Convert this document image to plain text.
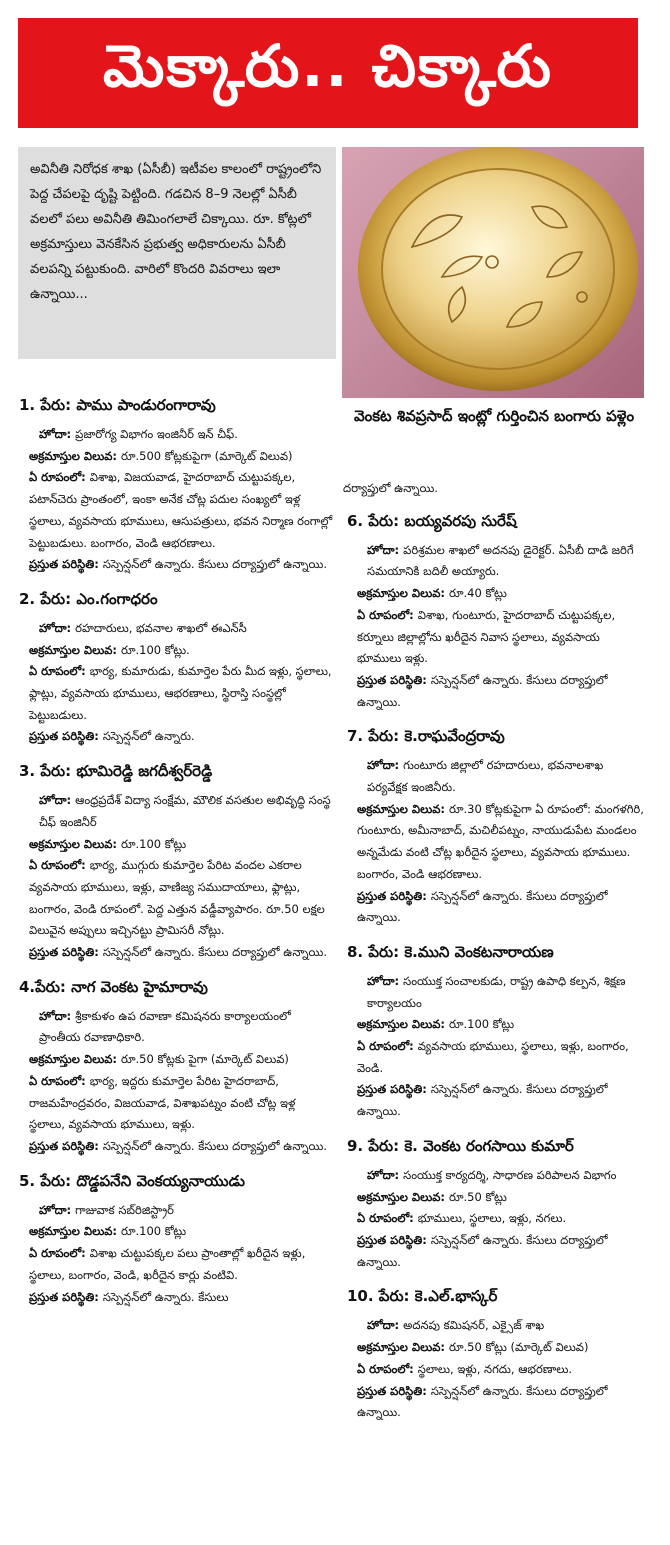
మెక్కారు.. చిక్కారు
అవినీతి నిరోధక శాఖ (ఏసీబీ) ఇటీవల కాలంలో రాష్ట్రంలోని పెద్ద చేపలపై దృష్టి పెట్టింది. గడచిన 8–9 నెలల్లో ఏసీబీ వలలో పలు అవినీతి తిమింగలాలే చిక్కాయి. రూ. కోట్లలో అక్రమాస్తులు వెనకేసిన ప్రభుత్వ అధికారులను ఏసీబీ వలపన్ని పట్టుకుంది. వారిలో కొందరి వివరాలు ఇలా ఉన్నాయి...
వెంకట శివప్రసాద్ ఇంట్లో గుర్తించిన బంగారు పళ్లెం
1. పేరు: పాము పాండురంగారావు

హోదా: ప్రజారోగ్య విభాగం ఇంజినీర్ ఇన్ చీఫ్.

అక్రమాస్తుల విలువ: రూ.500 కోట్లకుపైగా (మార్కెట్ విలువ)

ఏ రూపంలో: విశాఖ, విజయవాడ, హైదరాబాద్ చుట్టుపక్కల, పటాన్‌చెరు ప్రాంతంలో, ఇంకా అనేక చోట్ల పదుల సంఖ్యలో ఇళ్ల స్థలాలు, వ్యవసాయ భూములు, ఆసుపత్రులు, భవన నిర్మాణ రంగాల్లో పెట్టుబడులు. బంగారం, వెండి ఆభరణాలు.

ప్రస్తుత పరిస్థితి: సస్పెన్షన్‌లో ఉన్నారు. కేసులు దర్యాప్తులో ఉన్నాయి.

2. పేరు: ఎం.గంగాధరం

హోదా: రహదారులు, భవనాల శాఖలో ఈఎన్‌సీ

అక్రమాస్తుల విలువ: రూ.100 కోట్లు.

ఏ రూపంలో: భార్య, కుమారుడు, కుమార్తెల పేరు మీద ఇళ్లు, స్థలాలు, ఫ్లాట్లు, వ్యవసాయ భూములు, ఆభరణాలు, స్థిరాస్తి సంస్థల్లో పెట్టుబడులు.

ప్రస్తుత పరిస్థితి: సస్పెన్షన్‌లో ఉన్నారు.

3. పేరు: భూమిరెడ్డి జగదీశ్వర్‌రెడ్డి

హోదా: ఆంధ్రప్రదేశ్ విద్యా సంక్షేమ, మౌలిక వసతుల అభివృద్ధి సంస్థ చీఫ్ ఇంజినీర్

అక్రమాస్తుల విలువ: రూ.100 కోట్లు

ఏ రూపంలో: భార్య, ముగ్గురు కుమార్తెల పేరిట వందల ఎకరాల వ్యవసాయ భూములు, ఇళ్లు, వాణిజ్య సముదాయాలు, ఫ్లాట్లు, బంగారం, వెండి రూపంలో. పెద్ద ఎత్తున వడ్డీవ్యాపారం. రూ.50 లక్షల విలువైన అప్పులు ఇచ్చినట్టు ప్రామిసరీ నోట్లు.

ప్రస్తుత పరిస్థితి: సస్పెన్షన్‌లో ఉన్నారు. కేసులు దర్యాప్తులో ఉన్నాయి.

4.పేరు: నాగ వెంకట హైమారావు

హోదా: శ్రీకాకుళం ఉప రవాణా కమిషనరు కార్యాలయంలో ప్రాంతీయ రవాణాధికారి.

అక్రమాస్తుల విలువ: రూ.50 కోట్లకు పైగా (మార్కెట్ విలువ)

ఏ రూపంలో: భార్య, ఇద్దరు కుమార్తెల పేరిట హైదరాబాద్, రాజమహేంద్రవరం, విజయవాడ, విశాఖపట్నం వంటి చోట్ల ఇళ్ల స్థలాలు, వ్యవసాయ భూములు, ఇళ్లు.

ప్రస్తుత పరిస్థితి: సస్పెన్షన్‌లో ఉన్నారు. కేసులు దర్యాప్తులో ఉన్నాయి.

5. పేరు: దొడ్డపనేని వెంకయ్యనాయుడు

హోదా: గాజువాక సబ్‌రిజిస్ట్రార్

అక్రమాస్తుల విలువ: రూ.100 కోట్లు

ఏ రూపంలో: విశాఖ చుట్టుపక్కల పలు ప్రాంతాల్లో ఖరీదైన ఇళ్లు, స్థలాలు, బంగారం, వెండి, ఖరీదైన కార్లు వంటివి.

ప్రస్తుత పరిస్థితి: సస్పెన్షన్‌లో ఉన్నారు. కేసులు

దర్యాప్తులో ఉన్నాయి.

6. పేరు: బయ్యవరపు సురేష్

హోదా: పరిశ్రమల శాఖలో అదనపు డైరెక్టర్. ఏసీబీ దాడి జరిగే సమయానికి బదిలీ అయ్యారు.

అక్రమాస్తుల విలువ: రూ.40 కోట్లు

ఏ రూపంలో: విశాఖ, గుంటూరు, హైదరాబాద్ చుట్టుపక్కల, కర్నూలు జిల్లాల్లోను ఖరీదైన నివాస స్థలాలు, వ్యవసాయ భూములు ఇళ్లు.

ప్రస్తుత పరిస్థితి: సస్పెన్షన్‌లో ఉన్నారు. కేసులు దర్యాప్తులో ఉన్నాయి.

7. పేరు: కె.రాఘవేంద్రరావు

హోదా: గుంటూరు జిల్లాలో రహదారులు, భవనాలశాఖ పర్యవేక్షక ఇంజినీరు.

అక్రమాస్తుల విలువ: రూ.30 కోట్లకుపైగా ఏ రూపంలో: మంగళగిరి, గుంటూరు, అమీనాబాద్, మచిలీపట్నం, నాయుడుపేట మండలం అన్నమేడు వంటి చోట్ల ఖరీదైన స్థలాలు, వ్యవసాయ భూములు. బంగారం, వెండి ఆభరణాలు.

ప్రస్తుత పరిస్థితి: సస్పెన్షన్‌లో ఉన్నారు. కేసులు దర్యాప్తులో ఉన్నాయి.

8. పేరు: కె.ముని వెంకటనారాయణ

హోదా: సంయుక్త సంచాలకుడు, రాష్ట్ర ఉపాధి కల్పన, శిక్షణ కార్యాలయం

అక్రమాస్తుల విలువ: రూ.100 కోట్లు

ఏ రూపంలో: వ్యవసాయ భూములు, స్థలాలు, ఇళ్లు, బంగారం, వెండి.

ప్రస్తుత పరిస్థితి: సస్పెన్షన్‌లో ఉన్నారు. కేసులు దర్యాప్తులో ఉన్నాయి.

9. పేరు: కె. వెంకట రంగసాయి కుమార్

హోదా: సంయుక్త కార్యదర్శి, సాధారణ పరిపాలన విభాగం

అక్రమాస్తుల విలువ: రూ.50 కోట్లు

ఏ రూపంలో: భూములు, స్థలాలు, ఇళ్లు, నగలు.

ప్రస్తుత పరిస్థితి: సస్పెన్షన్‌లో ఉన్నారు. కేసులు దర్యాప్తులో ఉన్నాయి.

10. పేరు: కె.ఎల్.భాస్కర్

హోదా: అదనపు కమిషనర్, ఎక్సైజ్ శాఖ

అక్రమాస్తుల విలువ: రూ.50 కోట్లు (మార్కెట్ విలువ)

ఏ రూపంలో: స్థలాలు, ఇళ్లు, నగదు, ఆభరణాలు.

ప్రస్తుత పరిస్థితి: సస్పెన్షన్‌లో ఉన్నారు. కేసులు దర్యాప్తులో ఉన్నాయి.
